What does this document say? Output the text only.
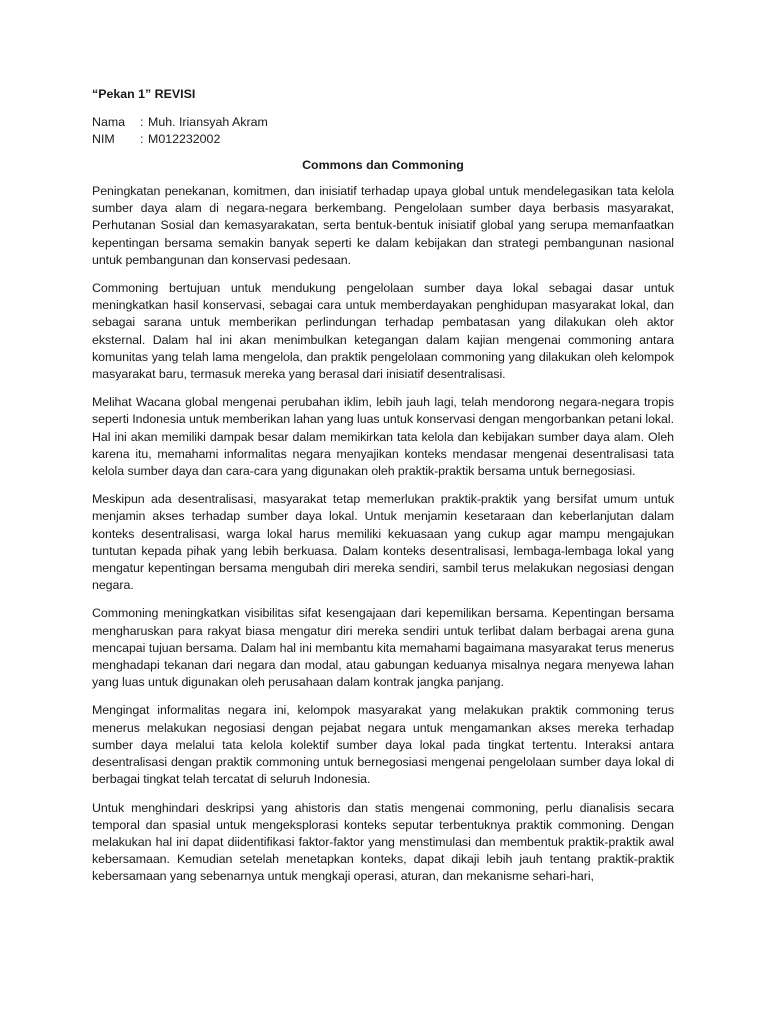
“Pekan 1” REVISI
Nama	: Muh. Iriansyah Akram
NIM	: M012232002
Commons dan Commoning

Peningkatan penekanan, komitmen, dan inisiatif terhadap upaya global untuk mendelegasikan tata kelola sumber daya alam di negara-negara berkembang. Pengelolaan sumber daya berbasis masyarakat, Perhutanan Sosial dan kemasyarakatan, serta bentuk-bentuk inisiatif global yang serupa memanfaatkan kepentingan bersama semakin banyak seperti ke dalam kebijakan dan strategi pembangunan nasional untuk pembangunan dan konservasi pedesaan.

Commoning bertujuan untuk mendukung pengelolaan sumber daya lokal sebagai dasar untuk meningkatkan hasil konservasi, sebagai cara untuk memberdayakan penghidupan masyarakat lokal, dan sebagai sarana untuk memberikan perlindungan terhadap pembatasan yang dilakukan oleh aktor eksternal. Dalam hal ini akan menimbulkan ketegangan dalam kajian mengenai commoning antara komunitas yang telah lama mengelola, dan praktik pengelolaan commoning yang dilakukan oleh kelompok masyarakat baru, termasuk mereka yang berasal dari inisiatif desentralisasi.

Melihat Wacana global mengenai perubahan iklim, lebih jauh lagi, telah mendorong negara-negara tropis seperti Indonesia untuk memberikan lahan yang luas untuk konservasi dengan mengorbankan petani lokal. Hal ini akan memiliki dampak besar dalam memikirkan tata kelola dan kebijakan sumber daya alam. Oleh karena itu, memahami informalitas negara menyajikan konteks mendasar mengenai desentralisasi tata kelola sumber daya dan cara-cara yang digunakan oleh praktik-praktik bersama untuk bernegosiasi.

Meskipun ada desentralisasi, masyarakat tetap memerlukan praktik-praktik yang bersifat umum untuk menjamin akses terhadap sumber daya lokal. Untuk menjamin kesetaraan dan keberlanjutan dalam konteks desentralisasi, warga lokal harus memiliki kekuasaan yang cukup agar mampu mengajukan tuntutan kepada pihak yang lebih berkuasa. Dalam konteks desentralisasi, lembaga-lembaga lokal yang mengatur kepentingan bersama mengubah diri mereka sendiri, sambil terus melakukan negosiasi dengan negara.

Commoning meningkatkan visibilitas sifat kesengajaan dari kepemilikan bersama. Kepentingan bersama mengharuskan para rakyat biasa mengatur diri mereka sendiri untuk terlibat dalam berbagai arena guna mencapai tujuan bersama. Dalam hal ini membantu kita memahami bagaimana masyarakat terus menerus menghadapi tekanan dari negara dan modal, atau gabungan keduanya misalnya negara menyewa lahan yang luas untuk digunakan oleh perusahaan dalam kontrak jangka panjang.

Mengingat informalitas negara ini, kelompok masyarakat yang melakukan praktik commoning terus menerus melakukan negosiasi dengan pejabat negara untuk mengamankan akses mereka terhadap sumber daya melalui tata kelola kolektif sumber daya lokal pada tingkat tertentu. Interaksi antara desentralisasi dengan praktik commoning untuk bernegosiasi mengenai pengelolaan sumber daya lokal di berbagai tingkat telah tercatat di seluruh Indonesia.

Untuk menghindari deskripsi yang ahistoris dan statis mengenai commoning, perlu dianalisis secara temporal dan spasial untuk mengeksplorasi konteks seputar terbentuknya praktik commoning. Dengan melakukan hal ini dapat diidentifikasi faktor-faktor yang menstimulasi dan membentuk praktik-praktik awal kebersamaan. Kemudian setelah menetapkan konteks, dapat dikaji lebih jauh tentang praktik-praktik kebersamaan yang sebenarnya untuk mengkaji operasi, aturan, dan mekanisme sehari-hari,
